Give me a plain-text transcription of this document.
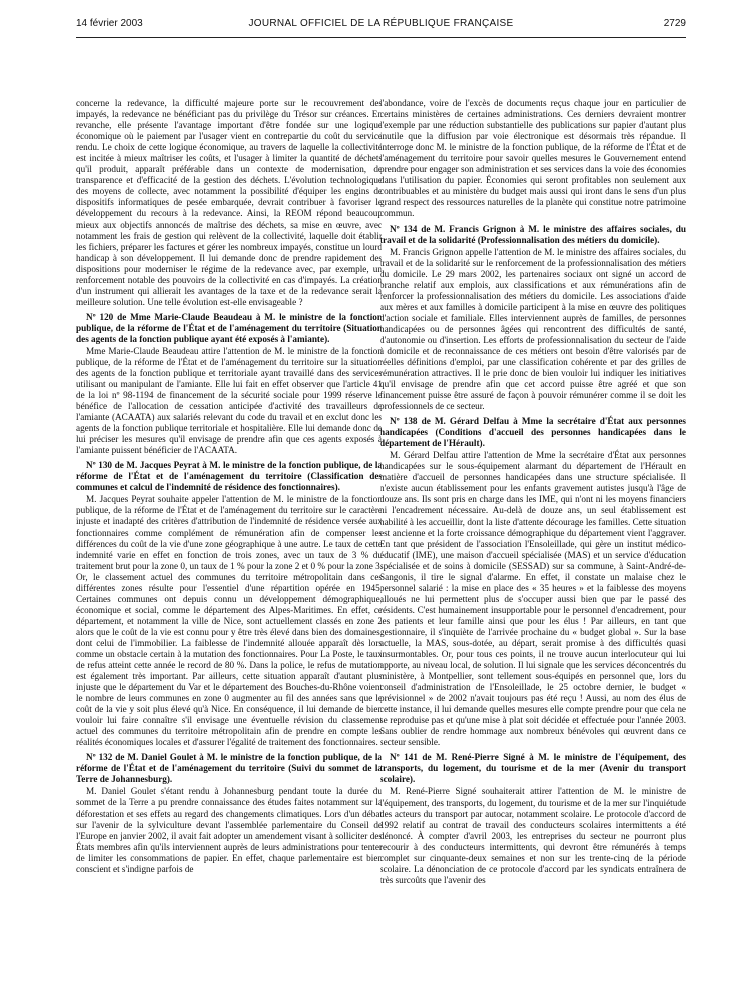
14 février 2003	JOURNAL OFFICIEL DE LA RÉPUBLIQUE FRANÇAISE	2729

concerne la redevance, la difficulté majeure porte sur le recouvrement des impayés, la redevance ne bénéficiant pas du privilège du Trésor sur créances. En revanche, elle présente l'avantage important d'être fondée sur une logique économique où le paiement par l'usager vient en contrepartie du coût du service rendu. Le choix de cette logique économique, au travers de laquelle la collectivité est incitée à mieux maîtriser les coûts, et l'usager à limiter la quantité de déchets qu'il produit, apparaît préférable dans un contexte de modernisation, de transparence et d'efficacité de la gestion des déchets. L'évolution technologique des moyens de collecte, avec notamment la possibilité d'équiper les engins de dispositifs informatiques de pesée embarquée, devrait contribuer à favoriser le développement du recours à la redevance. Ainsi, la REOM répond beaucoup mieux aux objectifs annoncés de maîtrise des déchets, sa mise en œuvre, avec notamment les frais de gestion qui relèvent de la collectivité, laquelle doit établir les fichiers, préparer les factures et gérer les nombreux impayés, constitue un lourd handicap à son développement. Il lui demande donc de prendre rapidement des dispositions pour moderniser le régime de la redevance avec, par exemple, un renforcement notable des pouvoirs de la collectivité en cas d'impayés. La création d'un instrument qui allierait les avantages de la taxe et de la redevance serait la meilleure solution. Une telle évolution est-elle envisageable ?

Nº 120 de Mme Marie-Claude Beaudeau à M. le ministre de la fonction publique, de la réforme de l'État et de l'aménagement du territoire (Situation des agents de la fonction publique ayant été exposés à l'amiante).

Mme Marie-Claude Beaudeau attire l'attention de M. le ministre de la fonction publique, de la réforme de l'État et de l'aménagement du territoire sur la situation des agents de la fonction publique et territoriale ayant travaillé dans des services utilisant ou manipulant de l'amiante. Elle lui fait en effet observer que l'article 41 de la loi nº 98-1194 de financement de la sécurité sociale pour 1999 réserve le bénéfice de l'allocation de cessation anticipée d'activité des travailleurs de l'amiante (ACAATA) aux salariés relevant du code du travail et en exclut donc les agents de la fonction publique territoriale et hospitalière. Elle lui demande donc de lui préciser les mesures qu'il envisage de prendre afin que ces agents exposés à l'amiante puissent bénéficier de l'ACAATA.

Nº 130 de M. Jacques Peyrat à M. le ministre de la fonction publique, de la réforme de l'État et de l'aménagement du territoire (Classification des communes et calcul de l'indemnité de résidence des fonctionnaires).

M. Jacques Peyrat souhaite appeler l'attention de M. le ministre de la fonction publique, de la réforme de l'État et de l'aménagement du territoire sur le caractère injuste et inadapté des critères d'attribution de l'indemnité de résidence versée aux fonctionnaires comme complément de rémunération afin de compenser les différences du coût de la vie d'une zone géographique à une autre. Le taux de cette indemnité varie en effet en fonction de trois zones, avec un taux de 3 % du traitement brut pour la zone 0, un taux de 1 % pour la zone 2 et 0 % pour la zone 3. Or, le classement actuel des communes du territoire métropolitain dans ces différentes zones résulte pour l'essentiel d'une répartition opérée en 1945. Certaines communes ont depuis connu un développement démographique, économique et social, comme le département des Alpes-Maritimes. En effet, ce département, et notamment la ville de Nice, sont actuellement classés en zone 2 alors que le coût de la vie est connu pour y être très élevé dans bien des domaines, dont celui de l'immobilier. La faiblesse de l'indemnité allouée apparaît dès lors comme un obstacle certain à la mutation des fonctionnaires. Pour La Poste, le taux de refus atteint cette année le record de 80 %. Dans la police, le refus de mutation est également très important. Par ailleurs, cette situation apparaît d'autant plus injuste que le département du Var et le département des Bouches-du-Rhône voient le nombre de leurs communes en zone 0 augmenter au fil des années sans que le coût de la vie y soit plus élevé qu'à Nice. En conséquence, il lui demande de bien vouloir lui faire connaître s'il envisage une éventuelle révision du classement actuel des communes du territoire métropolitain afin de prendre en compte les réalités économiques locales et d'assurer l'égalité de traitement des fonctionnaires.

Nº 132 de M. Daniel Goulet à M. le ministre de la fonction publique, de la réforme de l'État et de l'aménagement du territoire (Suivi du sommet de la Terre de Johannesburg).

M. Daniel Goulet s'étant rendu à Johannesburg pendant toute la durée du sommet de la Terre a pu prendre connaissance des études faites notamment sur la déforestation et ses effets au regard des changements climatiques. Lors d'un débat sur l'avenir de la sylviculture devant l'assemblée parlementaire du Conseil de l'Europe en janvier 2002, il avait fait adopter un amendement visant à solliciter des États membres afin qu'ils interviennent auprès de leurs administrations pour tenter de limiter les consommations de papier. En effet, chaque parlementaire est bien conscient et s'indigne parfois de

l'abondance, voire de l'excès de documents reçus chaque jour en particulier de certains ministères de certaines administrations. Ces derniers devraient montrer l'exemple par une réduction substantielle des publications sur papier d'autant plus inutile que la diffusion par voie électronique est désormais très répandue. Il interroge donc M. le ministre de la fonction publique, de la réforme de l'État et de l'aménagement du territoire pour savoir quelles mesures le Gouvernement entend prendre pour engager son administration et ses services dans la voie des économies dans l'utilisation du papier. Économies qui seront profitables non seulement aux contribuables et au ministère du budget mais aussi qui iront dans le sens d'un plus grand respect des ressources naturelles de la planète qui constitue notre patrimoine commun.

Nº 134 de M. Francis Grignon à M. le ministre des affaires sociales, du travail et de la solidarité (Professionnalisation des métiers du domicile).

M. Francis Grignon appelle l'attention de M. le ministre des affaires sociales, du travail et de la solidarité sur le renforcement de la professionnalisation des métiers du domicile. Le 29 mars 2002, les partenaires sociaux ont signé un accord de branche relatif aux emplois, aux classifications et aux rémunérations afin de renforcer la professionnalisation des métiers du domicile. Les associations d'aide aux mères et aux familles à domicile participent à la mise en œuvre des politiques d'action sociale et familiale. Elles interviennent auprès de familles, de personnes handicapées ou de personnes âgées qui rencontrent des difficultés de santé, d'autonomie ou d'insertion. Les efforts de professionnalisation du secteur de l'aide à domicile et de reconnaissance de ces métiers ont besoin d'être valorisés par de réelles définitions d'emploi, par une classification cohérente et par des grilles de rémunération attractives. Il le prie donc de bien vouloir lui indiquer les initiatives qu'il envisage de prendre afin que cet accord puisse être agréé et que son financement puisse être assuré de façon à pouvoir rémunérer comme il se doit les professionnels de ce secteur.

Nº 138 de M. Gérard Delfau à Mme la secrétaire d'État aux personnes handicapées (Conditions d'accueil des personnes handicapées dans le département de l'Hérault).

M. Gérard Delfau attire l'attention de Mme la secrétaire d'État aux personnes handicapées sur le sous-équipement alarmant du département de l'Hérault en matière d'accueil de personnes handicapées dans une structure spécialisée. Il n'existe aucun établissement pour les enfants gravement autistes jusqu'à l'âge de douze ans. Ils sont pris en charge dans les IME, qui n'ont ni les moyens financiers ni l'encadrement nécessaire. Au-delà de douze ans, un seul établissement est habilité à les accueillir, dont la liste d'attente décourage les familles. Cette situation est ancienne et la forte croissance démographique du département vient l'aggraver. En tant que président de l'association l'Ensoleillade, qui gère un institut médico-éducatif (IME), une maison d'accueil spécialisée (MAS) et un service d'éducation spécialisée et de soins à domicile (SESSAD) sur sa commune, à Saint-André-de-Sangonis, il tire le signal d'alarme. En effet, il constate un malaise chez le personnel salarié : la mise en place des « 35 heures » et la faiblesse des moyens alloués ne lui permettent plus de s'occuper aussi bien que par le passé des résidents. C'est humainement insupportable pour le personnel d'encadrement, pour les patients et leur famille ainsi que pour les élus ! Par ailleurs, en tant que gestionnaire, il s'inquiète de l'arrivée prochaine du « budget global ». Sur la base actuelle, la MAS, sous-dotée, au départ, serait promise à des difficultés quasi insurmontables. Or, pour tous ces points, il ne trouve aucun interlocuteur qui lui apporte, au niveau local, de solution. Il lui signale que les services déconcentrés du ministère, à Montpellier, sont tellement sous-équipés en personnel que, lors du conseil d'administration de l'Ensoleillade, le 25 octobre dernier, le budget « prévisionnel » de 2002 n'avait toujours pas été reçu ! Aussi, au nom des élus de cette instance, il lui demande quelles mesures elle compte prendre pour que cela ne se reproduise pas et qu'une mise à plat soit décidée et effectuée pour l'année 2003. Sans oublier de rendre hommage aux nombreux bénévoles qui œuvrent dans ce secteur sensible.

Nº 141 de M. René-Pierre Signé à M. le ministre de l'équipement, des transports, du logement, du tourisme et de la mer (Avenir du transport scolaire).

M. René-Pierre Signé souhaiterait attirer l'attention de M. le ministre de l'équipement, des transports, du logement, du tourisme et de la mer sur l'inquiétude des acteurs du transport par autocar, notamment scolaire. Le protocole d'accord de 1992 relatif au contrat de travail des conducteurs scolaires intermittents a été dénoncé. À compter d'avril 2003, les entreprises du secteur ne pourront plus recourir à des conducteurs intermittents, qui devront être rémunérés à temps complet sur cinquante-deux semaines et non sur les trente-cinq de la période scolaire. La dénonciation de ce protocole d'accord par les syndicats entraînera de très surcoûts que l'avenir des
